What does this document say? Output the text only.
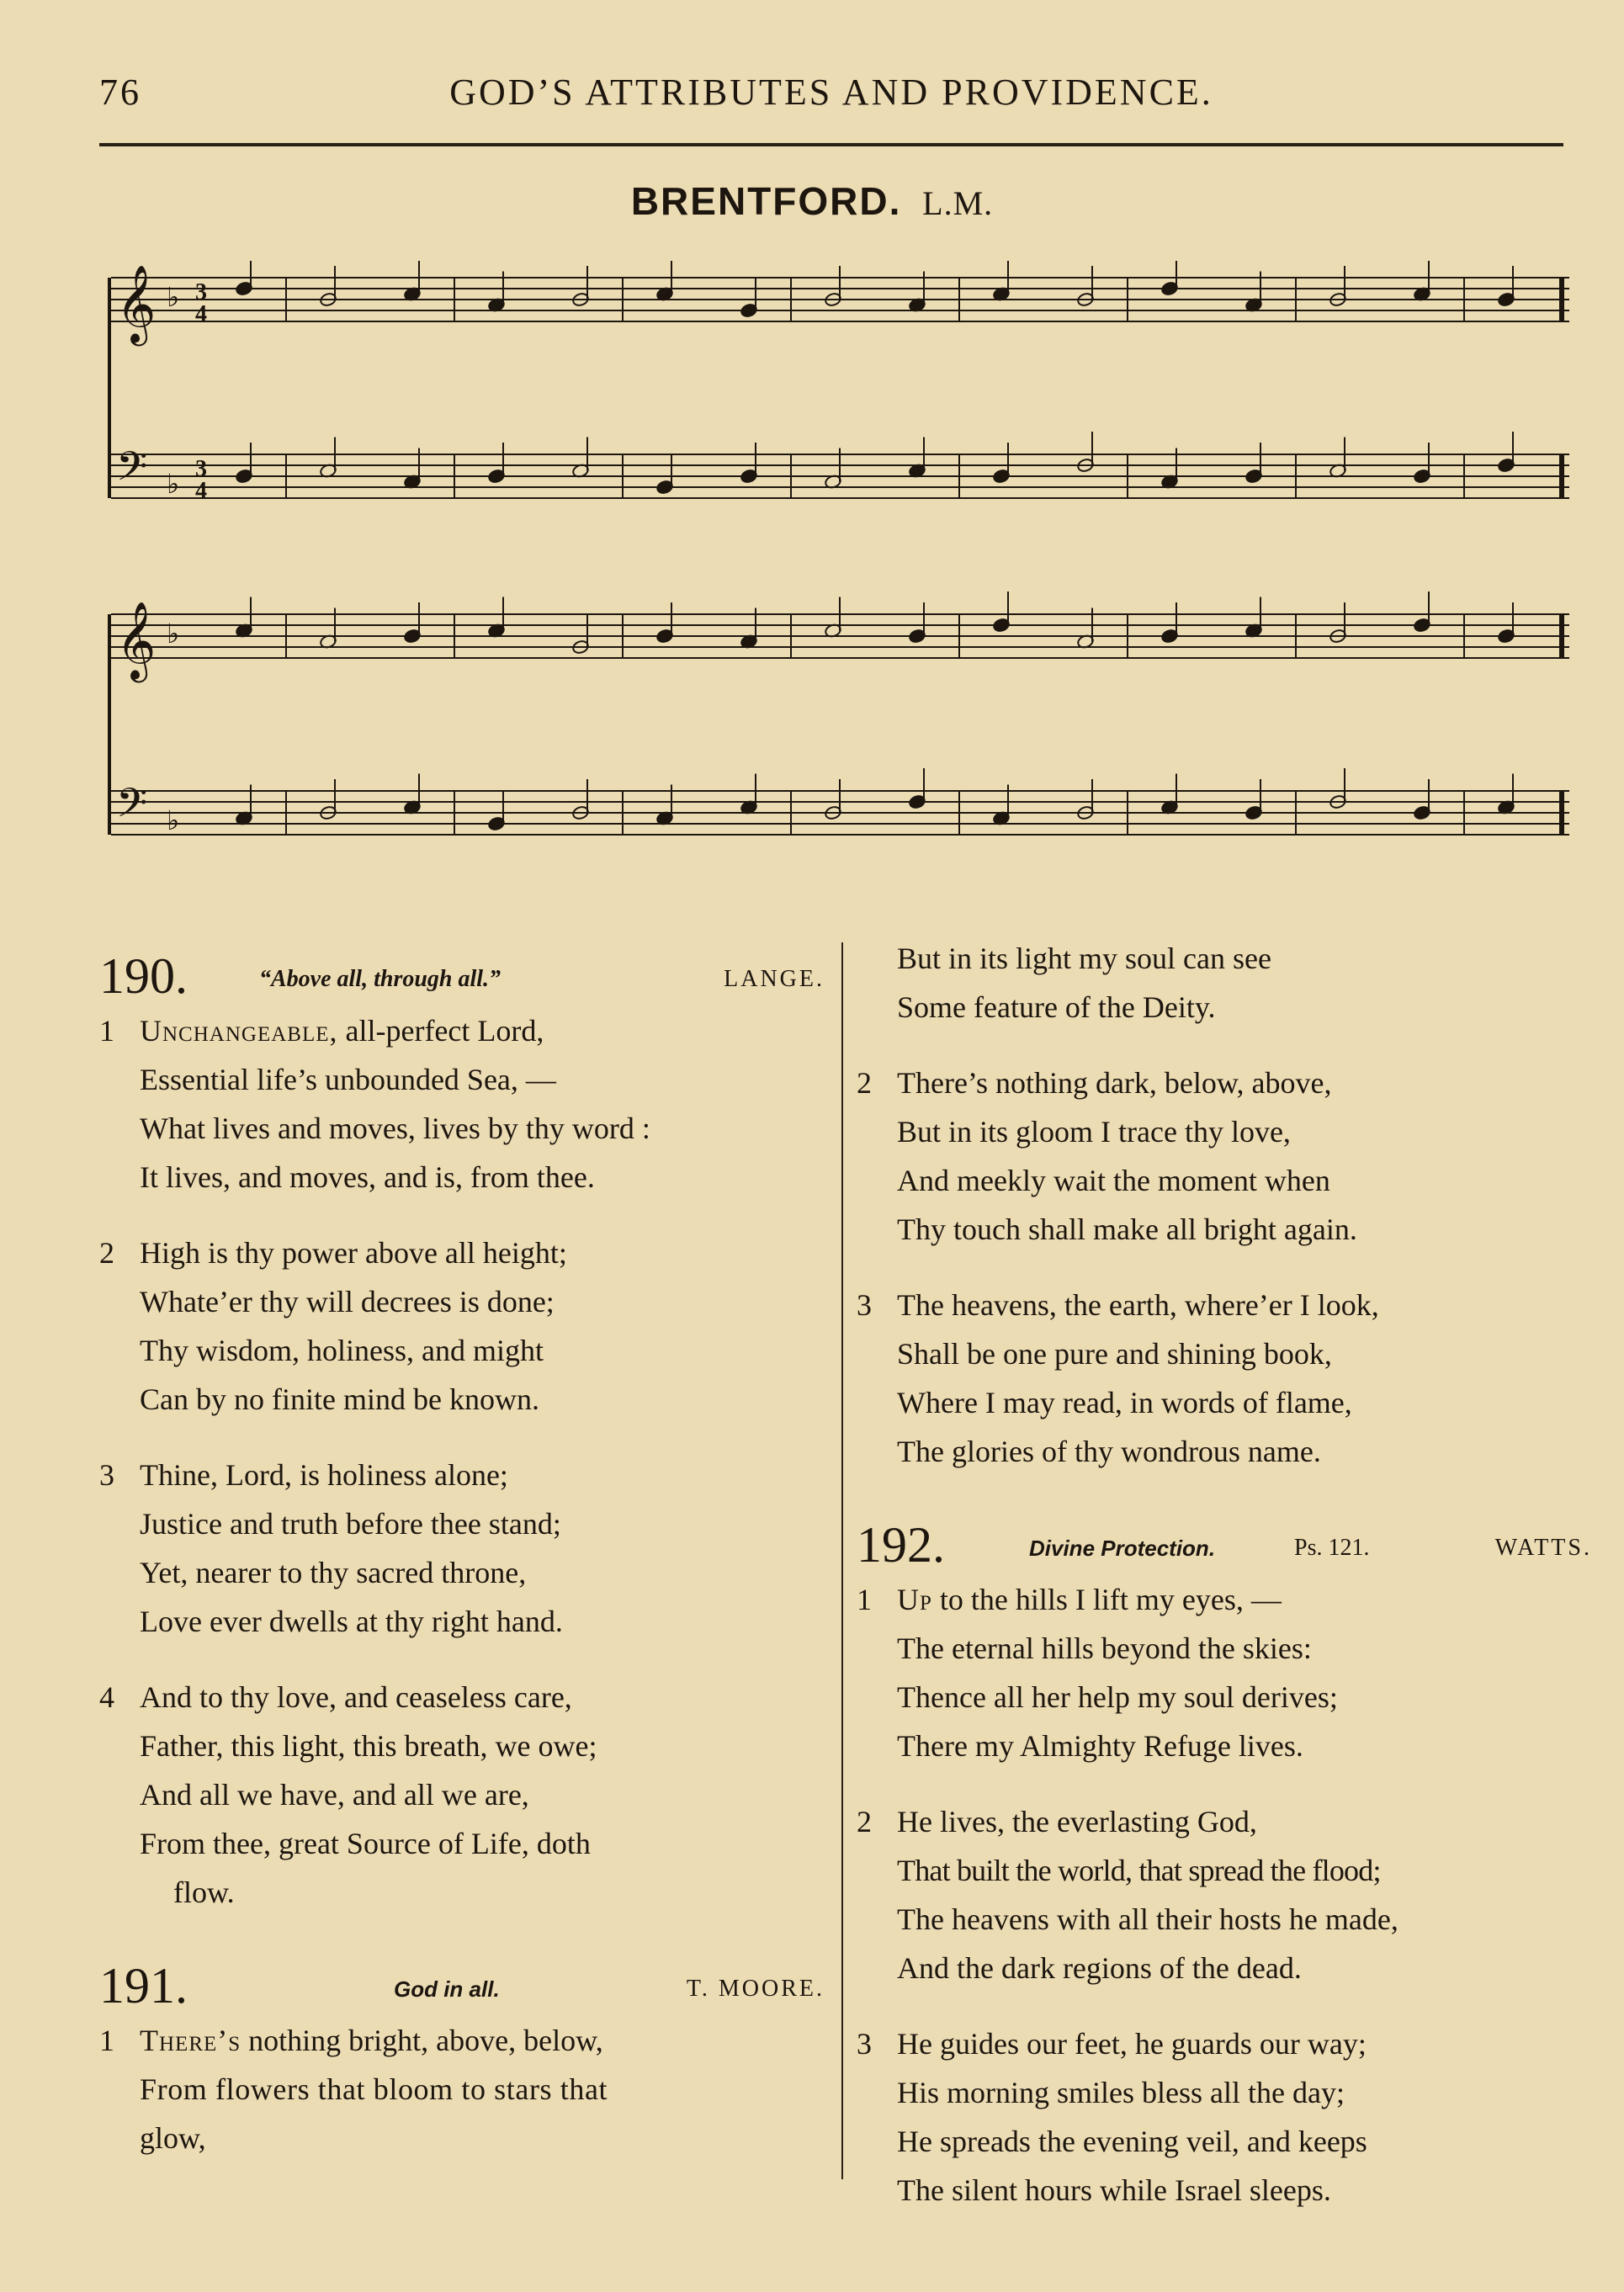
76	GOD’S ATTRIBUTES AND PROVIDENCE.
BRENTFORD. L.M.
𝄞 ♭
𝄢 ♭
𝄞 ♭
𝄢 ♭
3
4
3
4
190.	“Above all, through all.”	LANGE.
1 Unchangeable, all-perfect Lord,
Essential life’s unbounded Sea, —
What lives and moves, lives by thy word :
It lives, and moves, and is, from thee.
2 High is thy power above all height;
Whate’er thy will decrees is done;
Thy wisdom, holiness, and might
Can by no finite mind be known.
3 Thine, Lord, is holiness alone;
Justice and truth before thee stand;
Yet, nearer to thy sacred throne,
Love ever dwells at thy right hand.
4 And to thy love, and ceaseless care,
Father, this light, this breath, we owe;
And all we have, and all we are,
From thee, great Source of Life, doth
flow.
191.	God in all.	T. MOORE.
1 There’s nothing bright, above, below,
From flowers that bloom to stars that
glow,
But in its light my soul can see
Some feature of the Deity.
2 There’s nothing dark, below, above,
But in its gloom I trace thy love,
And meekly wait the moment when
Thy touch shall make all bright again.
3 The heavens, the earth, where’er I look,
Shall be one pure and shining book,
Where I may read, in words of flame,
The glories of thy wondrous name.
192.	Divine Protection.	Ps. 121.	WATTS.
1 Up to the hills I lift my eyes, —
The eternal hills beyond the skies:
Thence all her help my soul derives;
There my Almighty Refuge lives.
2 He lives, the everlasting God,
That built the world, that spread the flood;
The heavens with all their hosts he made,
And the dark regions of the dead.
3 He guides our feet, he guards our way;
His morning smiles bless all the day;
He spreads the evening veil, and keeps
The silent hours while Israel sleeps.
